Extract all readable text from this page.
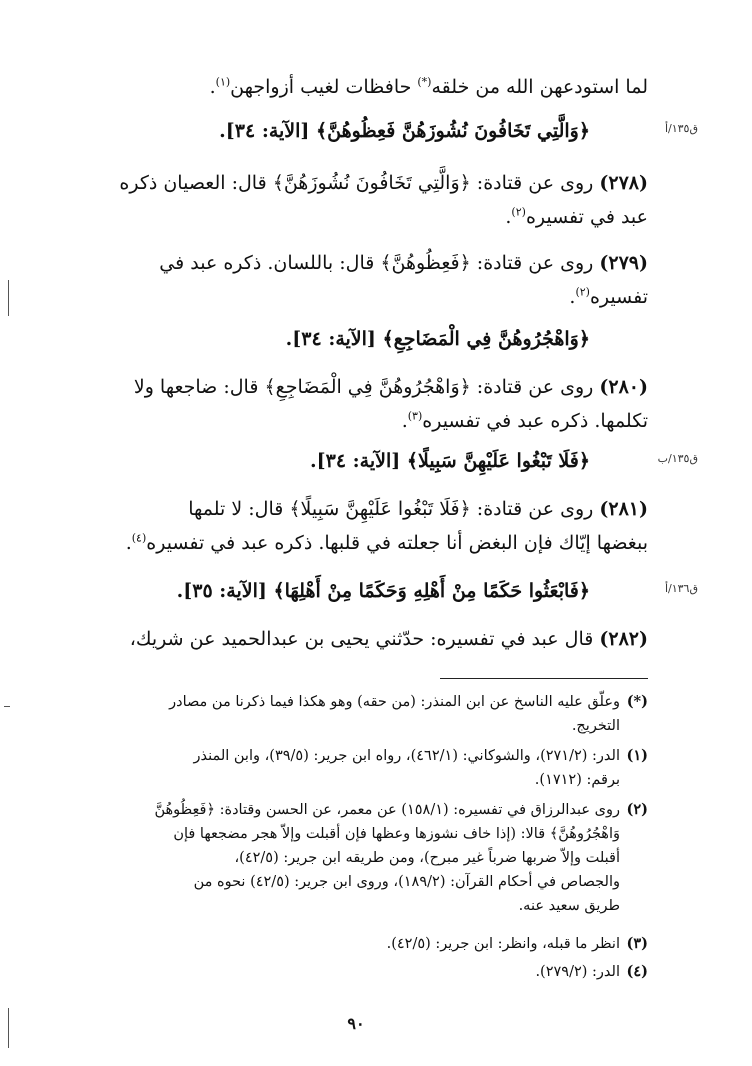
لما استودعهن الله من خلقه(*) حافظات لغيب أزواجهن$^{(١)}$.
ق١٣٥/أ
﴿وَالَّتِي تَخَافُونَ نُشُوزَهُنَّ فَعِظُوهُنَّ﴾ [الآية: ٣٤].
(٢٧٨) روى عن قتادة: ﴿وَالَّتِي تَخَافُونَ نُشُوزَهُنَّ﴾ قال: العصيان ذكره
عبد في تفسيره$^{(٢)}$.
(٢٧٩) روى عن قتادة: ﴿فَعِظُوهُنَّ﴾ قال: باللسان. ذكره عبد في
تفسيره$^{(٢)}$.
﴿وَاهْجُرُوهُنَّ فِي الْمَضَاجِعِ﴾ [الآية: ٣٤].
(٢٨٠) روى عن قتادة: ﴿وَاهْجُرُوهُنَّ فِي الْمَضَاجِعِ﴾ قال: ضاجعها ولا
تكلمها. ذكره عبد في تفسيره$^{(٣)}$.
ق١٣٥/ب
﴿فَلَا تَبْغُوا عَلَيْهِنَّ سَبِيلًا﴾ [الآية: ٣٤].
(٢٨١) روى عن قتادة: ﴿فَلَا تَبْغُوا عَلَيْهِنَّ سَبِيلًا﴾ قال: لا تلمها
ببغضها إيّاك فإن البغض أنا جعلته في قلبها. ذكره عبد في تفسيره$^{(٤)}$.
ق١٣٦/أ
﴿فَابْعَثُوا حَكَمًا مِنْ أَهْلِهِ وَحَكَمًا مِنْ أَهْلِهَا﴾ [الآية: ٣٥].
(٢٨٢) قال عبد في تفسيره: حدّثني يحيى بن عبدالحميد عن شريك،
(*)وعلّق عليه الناسخ عن ابن المنذر: (من حقه) وهو هكذا فيما ذكرنا من مصادر
التخريج.
(١)الدر: (٢٧١/٢)، والشوكاني: (٤٦٢/١)، رواه ابن جرير: (٣٩/٥)، وابن المنذر
برقم: (١٧١٢).
(٢)روى عبدالرزاق في تفسيره: (١٥٨/١) عن معمر، عن الحسن وقتادة: ﴿فَعِظُوهُنَّ
وَاهْجُرُوهُنَّ﴾ قالا: (إذا خاف نشوزها وعظها فإن أقبلت وإلاّ هجر مضجعها فإن
أقبلت وإلاّ ضربها ضرباً غير مبرح)، ومن طريقه ابن جرير: (٤٢/٥)،
والجصاص في أحكام القرآن: (١٨٩/٢)، وروى ابن جرير: (٤٢/٥) نحوه من
طريق سعيد عنه.
(٣)انظر ما قبله، وانظر: ابن جرير: (٤٢/٥).
(٤)الدر: (٢٧٩/٢).
٩٠
